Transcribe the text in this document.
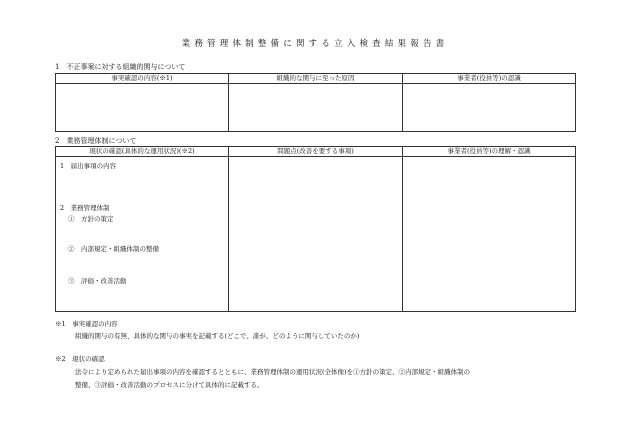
業務管理体制整備に関する立入検査結果報告書
1　不正事案に対する組織的関与について
事実確認の内容(※1)	組織的な関与に至った原因	事業者(役員等)の認識

2　業務管理体制について
現状の確認(具体的な運用状況)(※2)	問題点(改善を要する事項)	事業者(役員等)の理解・認識

1　届出事項の内容
2　業務管理体制
①　方針の策定
②　内部規定・組織体制の整備
③　評価・改善活動		

※1　事実確認の内容
組織的関与の有無、具体的な関与の事実を記載する(どこで、誰が、どのように関与していたのか)
※2　現状の確認
法令により定められた届出事項の内容を確認するとともに、業務管理体制の運用状況(全体像)を①方針の策定、②内部規定・組織体制の
整備、③評価・改善活動のプロセスに分けて具体的に記載する。
